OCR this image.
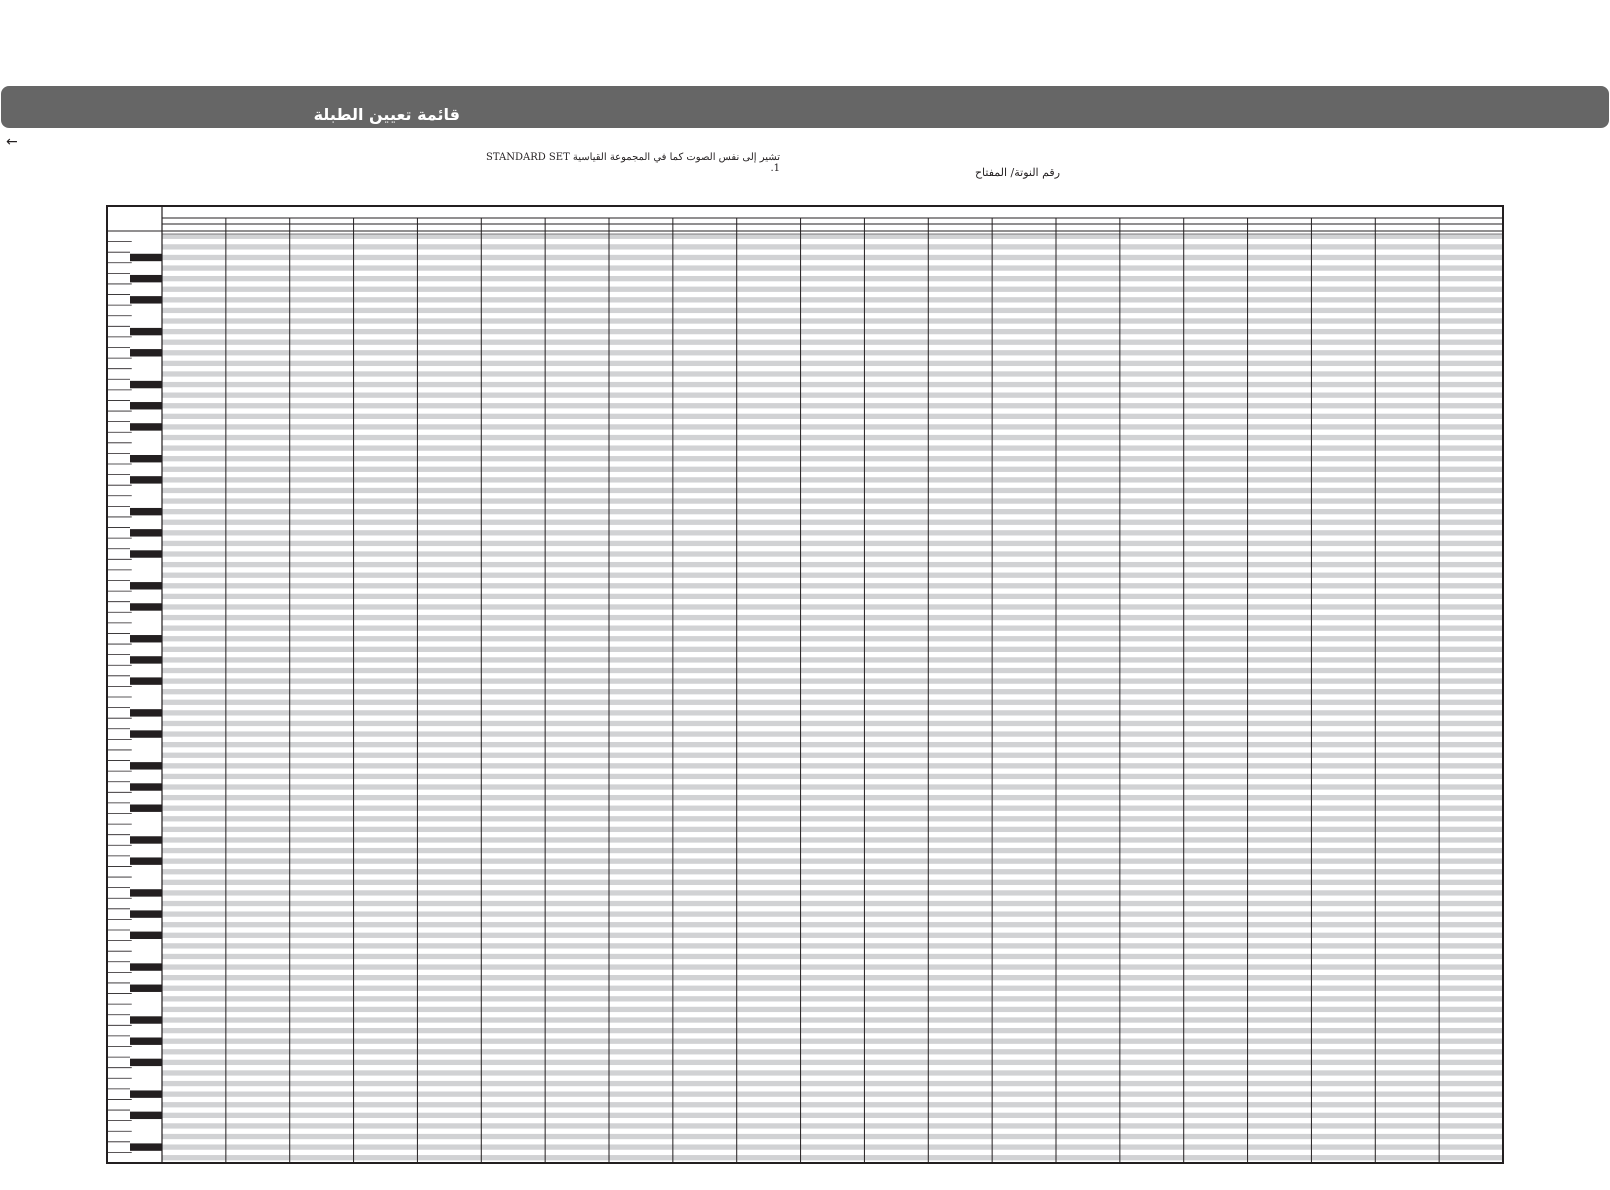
قائمة تعيين الطبلة
←
تشير إلى نفس الصوت كما في المجموعة القياسية STANDARD SET 1.	رقم النوتة/ المفتاح
